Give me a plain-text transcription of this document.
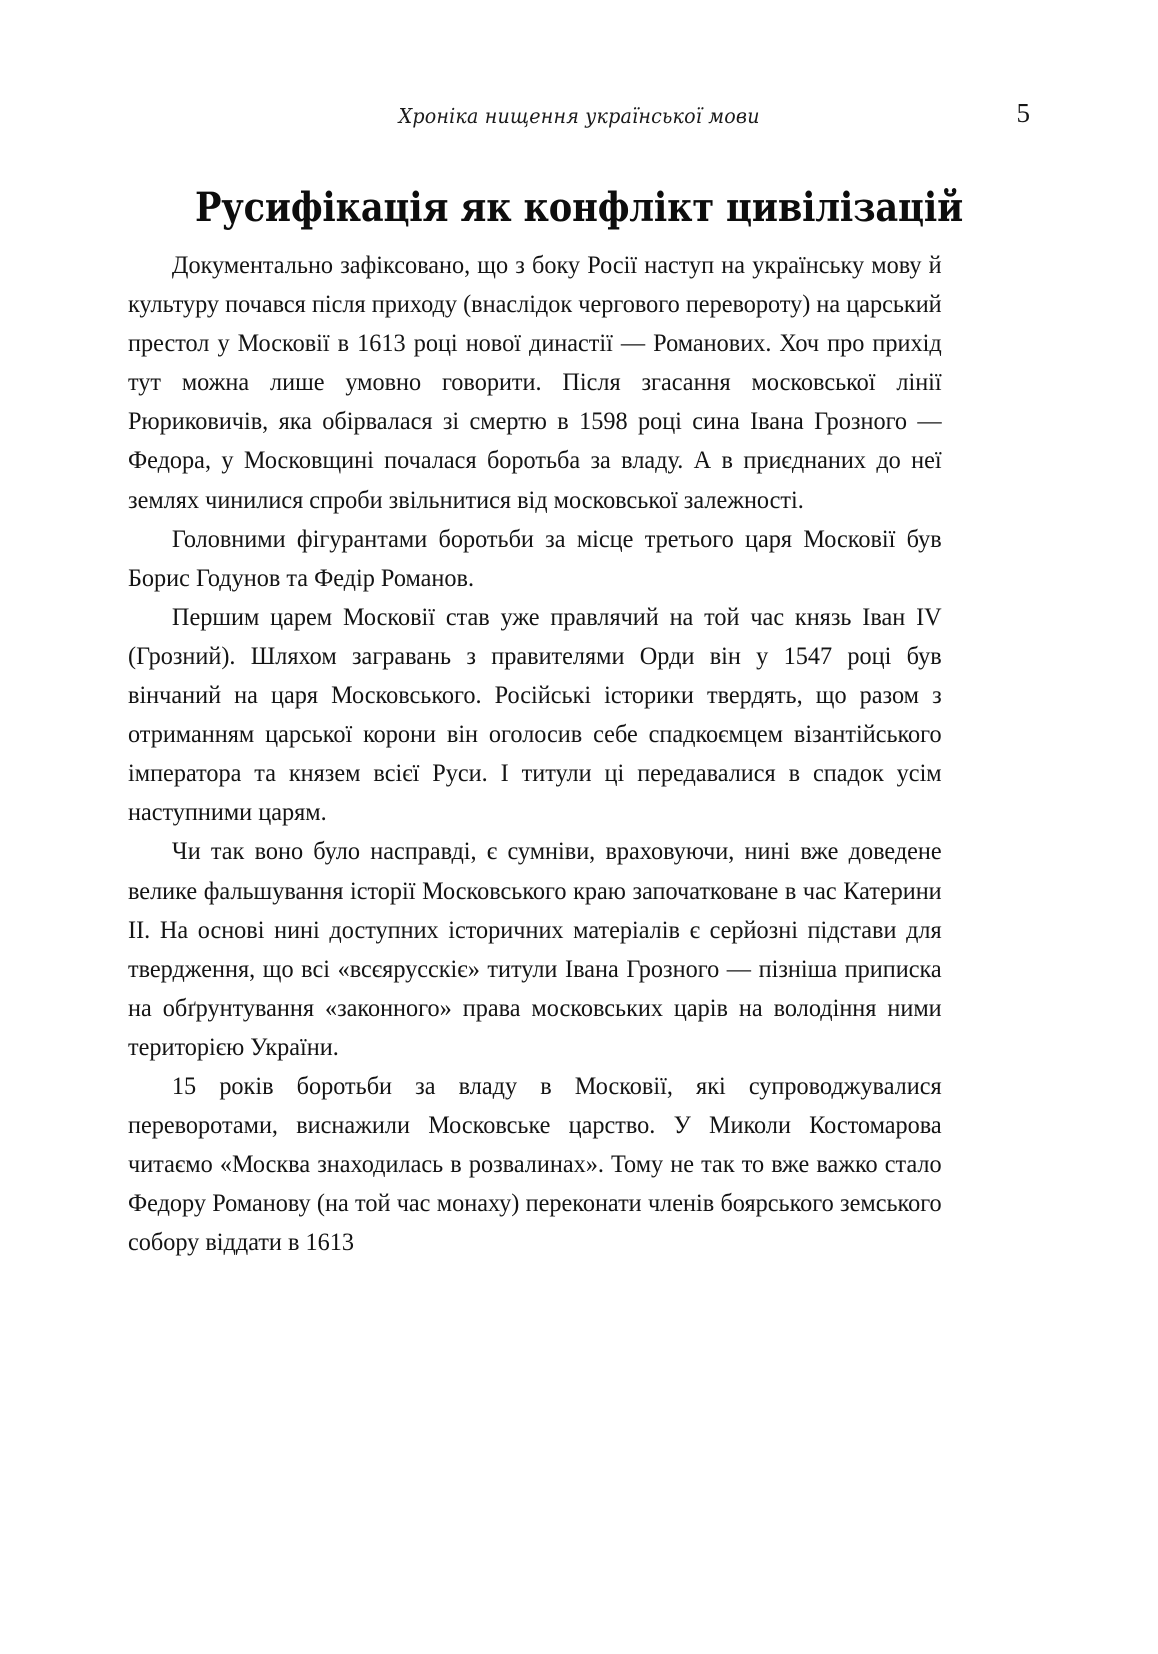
Хроніка нищення української мови	5
Русифікація як конфлікт цивілізацій

Документально зафіксовано, що з боку Росії наступ на українську мову й культуру почався після приходу (внаслідок чергового перевороту) на царський престол у Московії в 1613 році нової династії — Романових. Хоч про прихід тут можна лише умовно говорити. Після згасання московської лінії Рюриковичів, яка обірвалася зі смертю в 1598 році сина Івана Грозного — Федора, у Московщині почалася боротьба за владу. А в приєднаних до неї землях чинилися спроби звільнитися від московської залежності.

Головними фігурантами боротьби за місце третього царя Московії був Борис Годунов та Федір Романов.

Першим царем Московії став уже правлячий на той час князь Іван IV (Грозний). Шляхом загравань з правителями Орди він у 1547 році був вінчаний на царя Московського. Російські історики твердять, що разом з отриманням царської корони він оголосив себе спадкоємцем візантійського імператора та князем всієї Руси. І титули ці передавалися в спадок усім наступними царям.

Чи так воно було насправді, є сумніви, враховуючи, нині вже доведене велике фальшування історії Московського краю започатковане в час Катерини ІІ. На основі нині доступних історичних матеріалів є серйозні підстави для твердження, що всі «всєярусскіє» титули Івана Грозного — пізніша приписка на обґрунтування «законного» права московських царів на володіння ними територією України.

15 років боротьби за владу в Московії, які супроводжувалися переворотами, виснажили Московське царство. У Миколи Костомарова читаємо «Москва знаходилась в розвалинах». Тому не так то вже важко стало Федору Романову (на той час монаху) переконати членів боярського земського собору віддати в 1613
